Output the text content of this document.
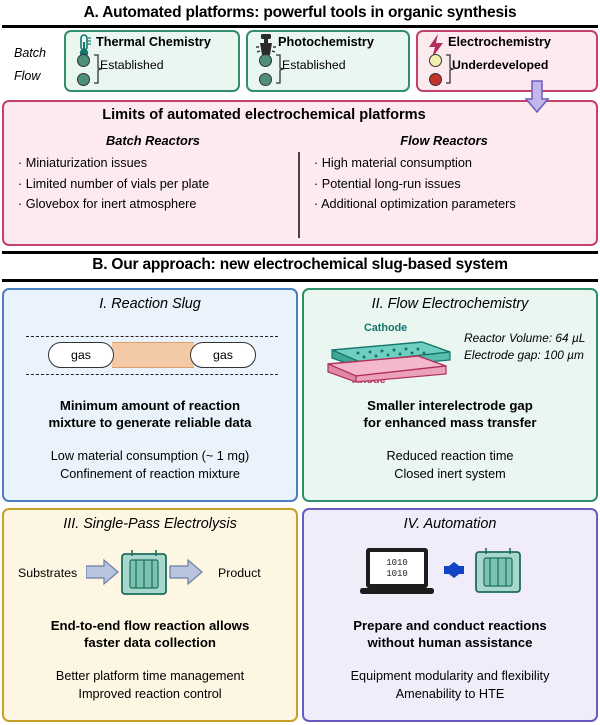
A. Automated platforms: powerful tools in organic synthesis
Batch
Flow
Thermal Chemistry
Established
Photochemistry
Established
Electrochemistry
Underdeveloped
Limits of automated electrochemical platforms
Batch Reactors	Flow Reactors
· Miniaturization issues
· Limited number of vials per plate
· Glovebox for inert atmosphere
· High material consumption
· Potential long-run issues
· Additional optimization parameters
B. Our approach: new electrochemical slug-based system
I. Reaction Slug
gas	gas
Minimum amount of reaction
mixture to generate reliable data
Low material consumption (~ 1 mg)
Confinement of reaction mixture
II. Flow Electrochemistry
Cathode
Reactor Volume: 64 µL
Electrode gap: 100 µm
Smaller interelectrode gap
for enhanced mass transfer
Reduced reaction time
Closed inert system
III. Single-Pass Electrolysis
Substrates	Product
End-to-end flow reaction allows
faster data collection
Better platform time management
Improved reaction control
IV. Automation
1010
1010
Prepare and conduct reactions
without human assistance
Equipment modularity and flexibility
Amenability to HTE
